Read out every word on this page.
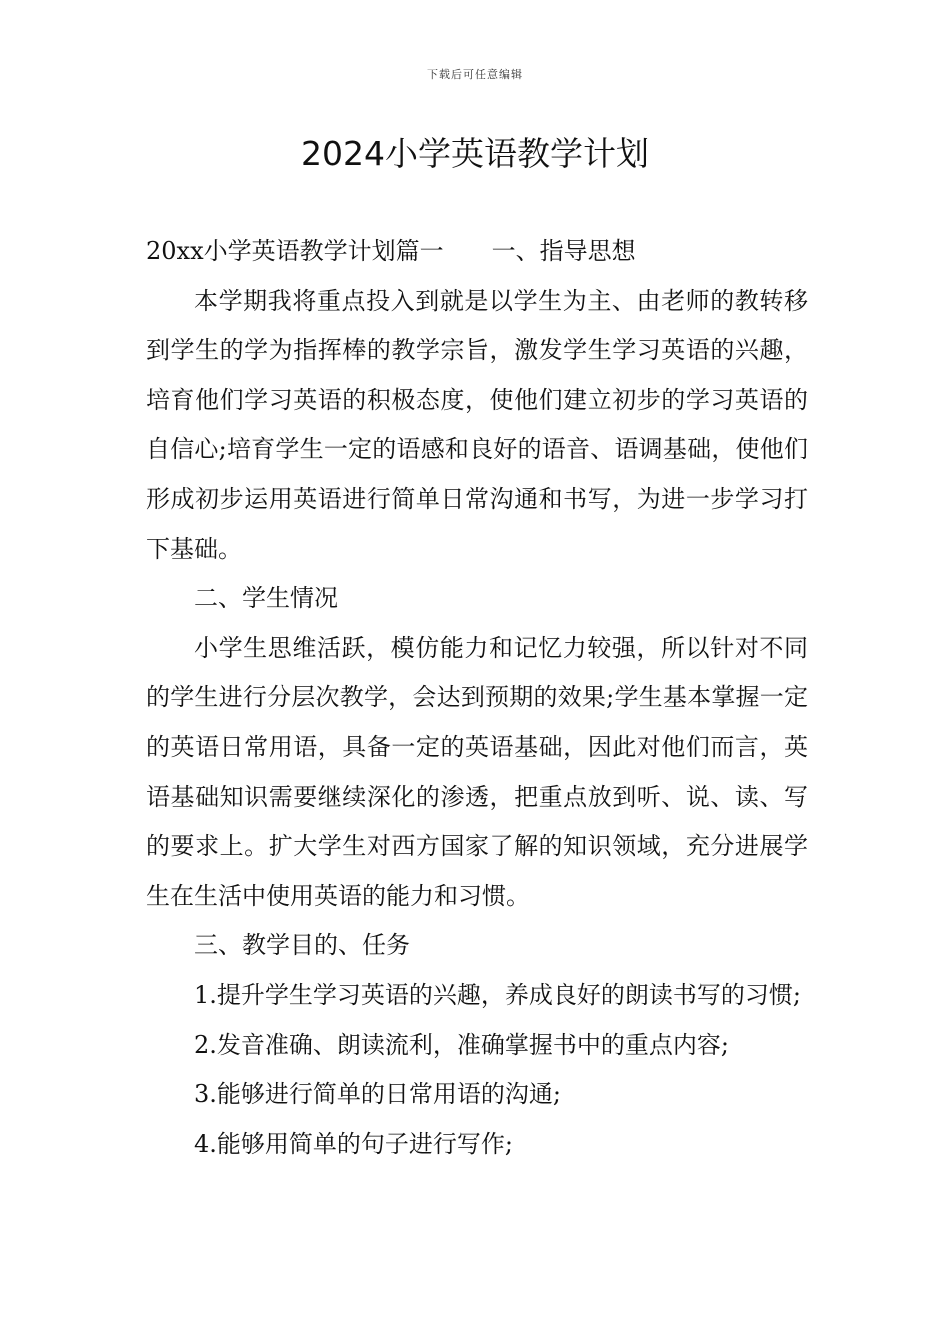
下载后可任意编辑
2024小学英语教学计划

20xx小学英语教学计划篇一 一、指导思想

本学期我将重点投入到就是以学生为主、由老师的教转移到学生的学为指挥棒的教学宗旨，激发学生学习英语的兴趣，培育他们学习英语的积极态度，使他们建立初步的学习英语的自信心;培育学生一定的语感和良好的语音、语调基础，使他们形成初步运用英语进行简单日常沟通和书写，为进一步学习打下基础。

二、学生情况

小学生思维活跃，模仿能力和记忆力较强，所以针对不同的学生进行分层次教学，会达到预期的效果;学生基本掌握一定的英语日常用语，具备一定的英语基础，因此对他们而言，英语基础知识需要继续深化的渗透，把重点放到听、说、读、写的要求上。扩大学生对西方国家了解的知识领域，充分进展学生在生活中使用英语的能力和习惯。

三、教学目的、任务

1.提升学生学习英语的兴趣，养成良好的朗读书写的习惯;

2.发音准确、朗读流利，准确掌握书中的重点内容;

3.能够进行简单的日常用语的沟通;

4.能够用简单的句子进行写作;
